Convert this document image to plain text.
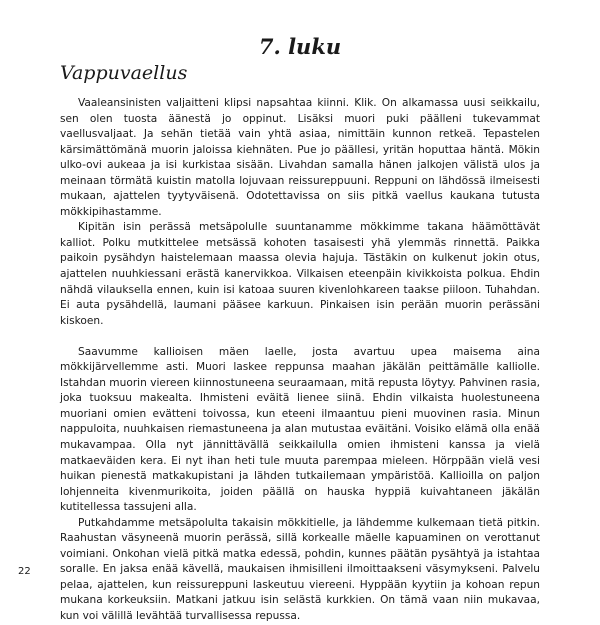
7. luku
Vappuvaellus

Vaaleansinisten valjaitteni klipsi napsahtaa kiinni. Klik. On alkamassa uusi seikkailu, sen olen tuosta äänestä jo oppinut. Lisäksi muori puki päälleni tukevammat vaellusvaljaat. Ja sehän tietää vain yhtä asiaa, nimittäin kunnon retkeä. Tepastelen kärsimättömänä muorin jaloissa kiehnäten. Pue jo päällesi, yritän hoputtaa häntä. Mökin ulko-ovi aukeaa ja isi kurkistaa sisään. Livahdan samalla hänen jalkojen välistä ulos ja meinaan törmätä kuistin matolla lojuvaan reissureppuuni. Reppuni on lähdössä ilmeisesti mukaan, ajattelen tyytyväisenä. Odotettavissa on siis pitkä vaellus kaukana tutusta mökkipihastamme.

Kipitän isin perässä metsäpolulle suuntanamme mökkimme takana häämöttävät kalliot. Polku mutkittelee metsässä kohoten tasaisesti yhä ylemmäs rinnettä. Paikka paikoin pysähdyn haistelemaan maassa olevia hajuja. Tästäkin on kulkenut jokin otus, ajattelen nuuhkiessani erästä kanervikkoa. Vilkaisen eteenpäin kivikkoista polkua. Ehdin nähdä vilauksella ennen, kuin isi katoaa suuren kivenlohkareen taakse piiloon. Tuhahdan. Ei auta pysähdellä, laumani pääsee karkuun. Pinkaisen isin perään muorin perässäni kiskoen.

Saavumme kallioisen mäen laelle, josta avartuu upea maisema aina mökkijärvellemme asti. Muori laskee reppunsa maahan jäkälän peittämälle kalliolle. Istahdan muorin viereen kiinnostuneena seuraamaan, mitä repusta löytyy. Pahvinen rasia, joka tuoksuu makealta. Ihmisteni eväitä lienee siinä. Ehdin vilkaista huolestuneena muoriani omien evätteni toivossa, kun eteeni ilmaantuu pieni muovinen rasia. Minun nappuloita, nuuhkaisen riemastuneena ja alan mutustaa eväitäni. Voisiko elämä olla enää mukavampaa. Olla nyt jännittävällä seikkailulla omien ihmisteni kanssa ja vielä matkaeväiden kera. Ei nyt ihan heti tule muuta parempaa mieleen. Hörppään vielä vesi huikan pienestä matkakupistani ja lähden tutkailemaan ympäristöä. Kallioilla on paljon lohjenneita kivenmurikoita, joiden päällä on hauska hyppiä kuivahtaneen jäkälän kutitellessa tassujeni alla.

Putkahdamme metsäpolulta takaisin mökkitielle, ja lähdemme kulkemaan tietä pitkin. Raahustan väsyneenä muorin perässä, sillä korkealle mäelle kapuaminen on verottanut voimiani. Onkohan vielä pitkä matka edessä, pohdin, kunnes päätän pysähtyä ja istahtaa soralle. En jaksa enää kävellä, maukaisen ihmisilleni ilmoittaakseni väsymykseni. Palvelu pelaa, ajattelen, kun reissureppuni laskeutuu viereeni. Hyppään kyytiin ja kohoan repun mukana korkeuksiin. Matkani jatkuu isin selästä kurkkien. On tämä vaan niin mukavaa, kun voi välillä levähtää turvallisessa repussa.

22
